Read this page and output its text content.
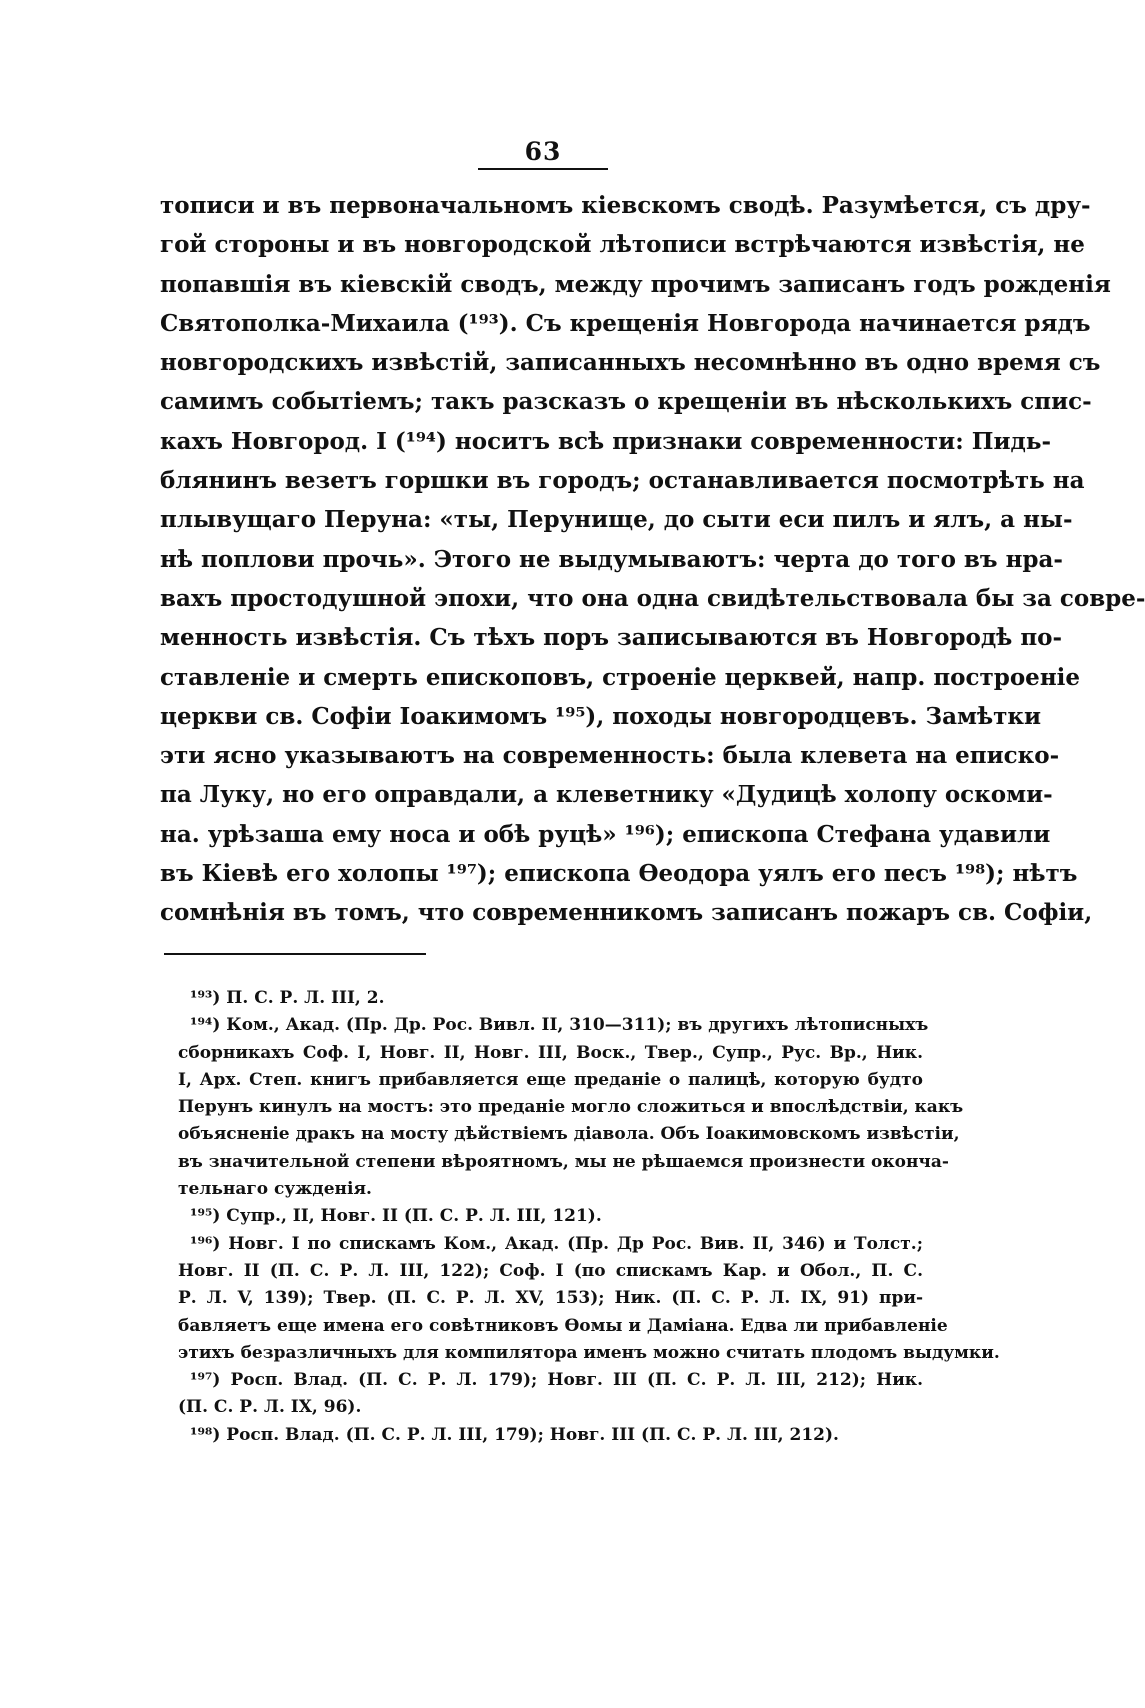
63
тописи и въ первоначальномъ кіевскомъ сводѣ. Разумѣется, съ дру-
гой стороны и въ новгородской лѣтописи встрѣчаются извѣстія, не
попавшія въ кіевскій сводъ, между прочимъ записанъ годъ рожденія
Святополка-Михаила (¹⁹³). Съ крещенія Новгорода начинается рядъ
новгородскихъ извѣстій, записанныхъ несомнѣнно въ одно время съ
самимъ событіемъ; такъ разсказъ о крещеніи въ нѣсколькихъ спис-
кахъ Новгород. I (¹⁹⁴) носитъ всѣ признаки современности: Пидь-
блянинъ везетъ горшки въ городъ; останавливается посмотрѣть на
плывущаго Перуна: «ты, Перунище, до сыти еси пилъ и ялъ, а ны-
нѣ поплови прочь». Этого не выдумываютъ: черта до того въ нра-
вахъ простодушной эпохи, что она одна свидѣтельствовала бы за совре-
менность извѣстія. Съ тѣхъ поръ записываются въ Новгородѣ по-
ставленіе и смерть епископовъ, строеніе церквей, напр. построеніе
церкви св. Софіи Іоакимомъ ¹⁹⁵), походы новгородцевъ. Замѣтки
эти ясно указываютъ на современность: была клевета на еписко-
па Луку, но его оправдали, а клеветнику «Дудицѣ холопу оскоми-
на. урѣзаша ему носа и обѣ руцѣ» ¹⁹⁶); епископа Стефана удавили
въ Кіевѣ его холопы ¹⁹⁷); епископа Ѳеодора уялъ его песъ ¹⁹⁸); нѣтъ
сомнѣнія въ томъ, что современникомъ записанъ пожаръ св. Софіи,
¹⁹³) П. С. Р. Л. III, 2.
¹⁹⁴) Ком., Акад. (Пр. Др. Рос. Вивл. II, 310—311); въ другихъ лѣтописныхъ
сборникахъ Соф. I, Новг. II, Новг. III, Воск., Твер., Супр., Рус. Вр., Ник.
I, Арх. Степ. книгъ прибавляется еще преданіе о палицѣ, которую будто
Перунъ кинулъ на мостъ: это преданіе могло сложиться и впослѣдствіи, какъ
объясненіе дракъ на мосту дѣйствіемъ діавола. Объ Іоакимовскомъ извѣстіи,
въ значительной степени вѣроятномъ, мы не рѣшаемся произнести оконча-
тельнаго сужденія.
¹⁹⁵) Супр., II, Новг. II (П. С. Р. Л. III, 121).
¹⁹⁶) Новг. I по спискамъ Ком., Акад. (Пр. Др Рос. Вив. II, 346) и Толст.;
Новг. II (П. С. Р. Л. III, 122); Соф. I (по спискамъ Кар. и Обол., П. С.
Р. Л. V, 139); Твер. (П. С. Р. Л. XV, 153); Ник. (П. С. Р. Л. IX, 91) при-
бавляетъ еще имена его совѣтниковъ Ѳомы и Даміана. Едва ли прибавленіе
этихъ безразличныхъ для компилятора именъ можно считать плодомъ выдумки.
¹⁹⁷) Росп. Влад. (П. С. Р. Л. 179); Новг. III (П. С. Р. Л. III, 212); Ник.
(П. С. Р. Л. IX, 96).
¹⁹⁸) Росп. Влад. (П. С. Р. Л. III, 179); Новг. III (П. С. Р. Л. III, 212).
